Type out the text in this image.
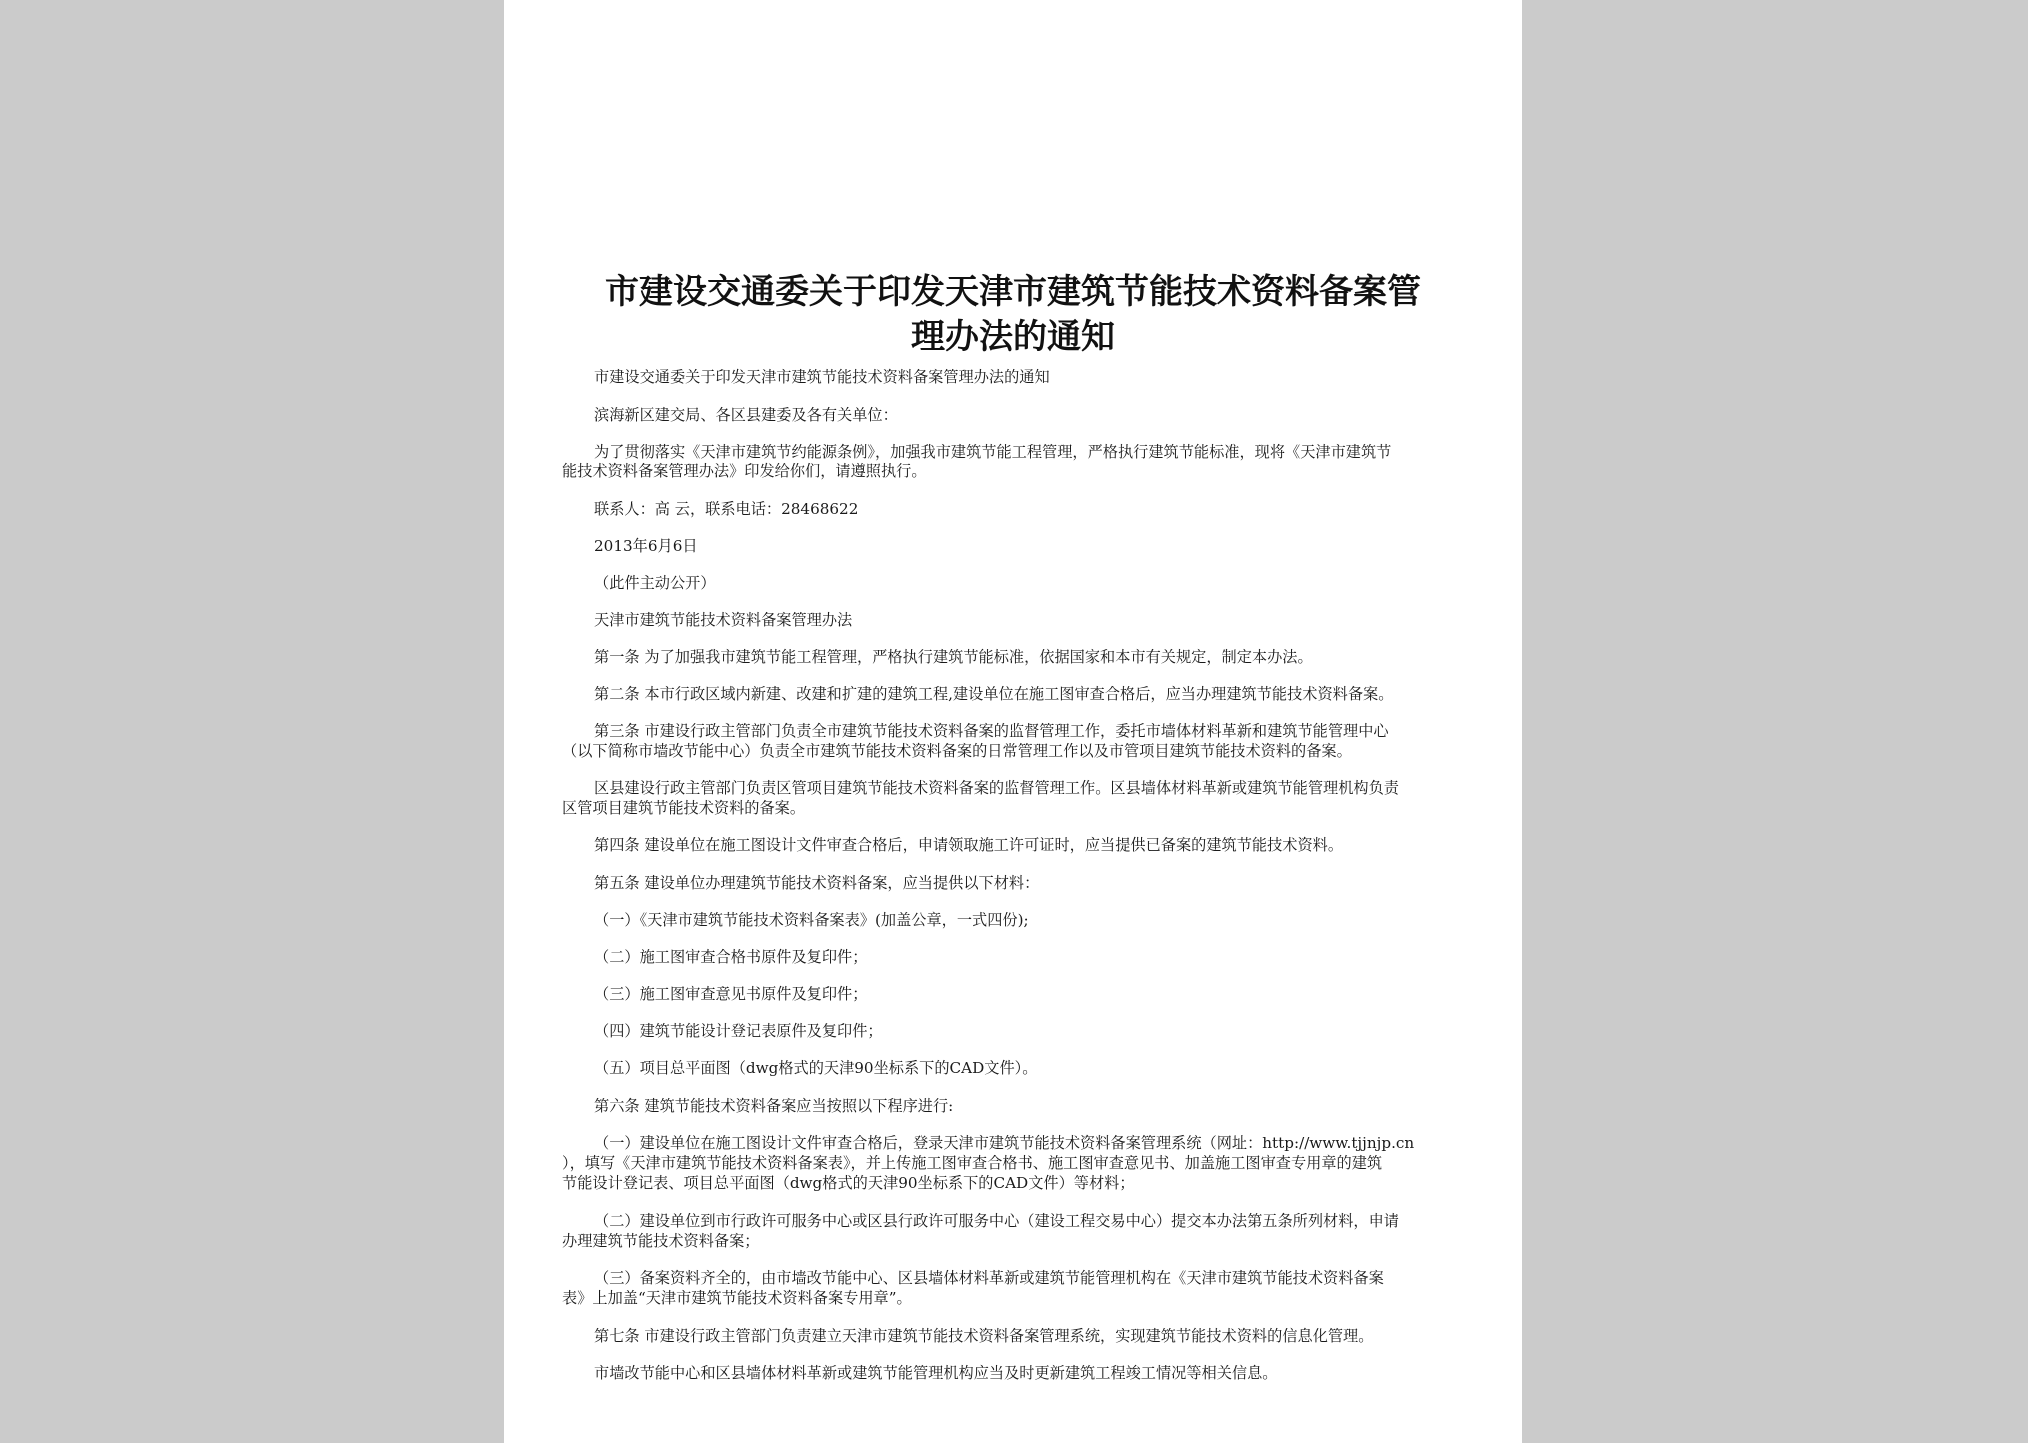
市建设交通委关于印发天津市建筑节能技术资料备案管
理办法的通知
市建设交通委关于印发天津市建筑节能技术资料备案管理办法的通知
滨海新区建交局、各区县建委及各有关单位：
为了贯彻落实《天津市建筑节约能源条例》，加强我市建筑节能工程管理，严格执行建筑节能标准，现将《天津市建筑节
能技术资料备案管理办法》印发给你们，请遵照执行。
联系人：高 云，联系电话：28468622
2013年6月6日
（此件主动公开）
天津市建筑节能技术资料备案管理办法
第一条 为了加强我市建筑节能工程管理，严格执行建筑节能标准，依据国家和本市有关规定，制定本办法。
第二条 本市行政区域内新建、改建和扩建的建筑工程,建设单位在施工图审查合格后，应当办理建筑节能技术资料备案。
第三条 市建设行政主管部门负责全市建筑节能技术资料备案的监督管理工作，委托市墙体材料革新和建筑节能管理中心
（以下简称市墙改节能中心）负责全市建筑节能技术资料备案的日常管理工作以及市管项目建筑节能技术资料的备案。
区县建设行政主管部门负责区管项目建筑节能技术资料备案的监督管理工作。区县墙体材料革新或建筑节能管理机构负责
区管项目建筑节能技术资料的备案。
第四条 建设单位在施工图设计文件审查合格后，申请领取施工许可证时，应当提供已备案的建筑节能技术资料。
第五条 建设单位办理建筑节能技术资料备案，应当提供以下材料：
（一）《天津市建筑节能技术资料备案表》(加盖公章，一式四份);
（二）施工图审查合格书原件及复印件；
（三）施工图审查意见书原件及复印件；
（四）建筑节能设计登记表原件及复印件；
（五）项目总平面图（dwg格式的天津90坐标系下的CAD文件）。
第六条 建筑节能技术资料备案应当按照以下程序进行:
（一）建设单位在施工图设计文件审查合格后，登录天津市建筑节能技术资料备案管理系统（网址：http://www.tjjnjp.cn
），填写《天津市建筑节能技术资料备案表》，并上传施工图审查合格书、施工图审查意见书、加盖施工图审查专用章的建筑
节能设计登记表、项目总平面图（dwg格式的天津90坐标系下的CAD文件）等材料；
（二）建设单位到市行政许可服务中心或区县行政许可服务中心（建设工程交易中心）提交本办法第五条所列材料，申请
办理建筑节能技术资料备案；
（三）备案资料齐全的，由市墙改节能中心、区县墙体材料革新或建筑节能管理机构在《天津市建筑节能技术资料备案
表》上加盖“天津市建筑节能技术资料备案专用章”。
第七条 市建设行政主管部门负责建立天津市建筑节能技术资料备案管理系统，实现建筑节能技术资料的信息化管理。
市墙改节能中心和区县墙体材料革新或建筑节能管理机构应当及时更新建筑工程竣工情况等相关信息。
